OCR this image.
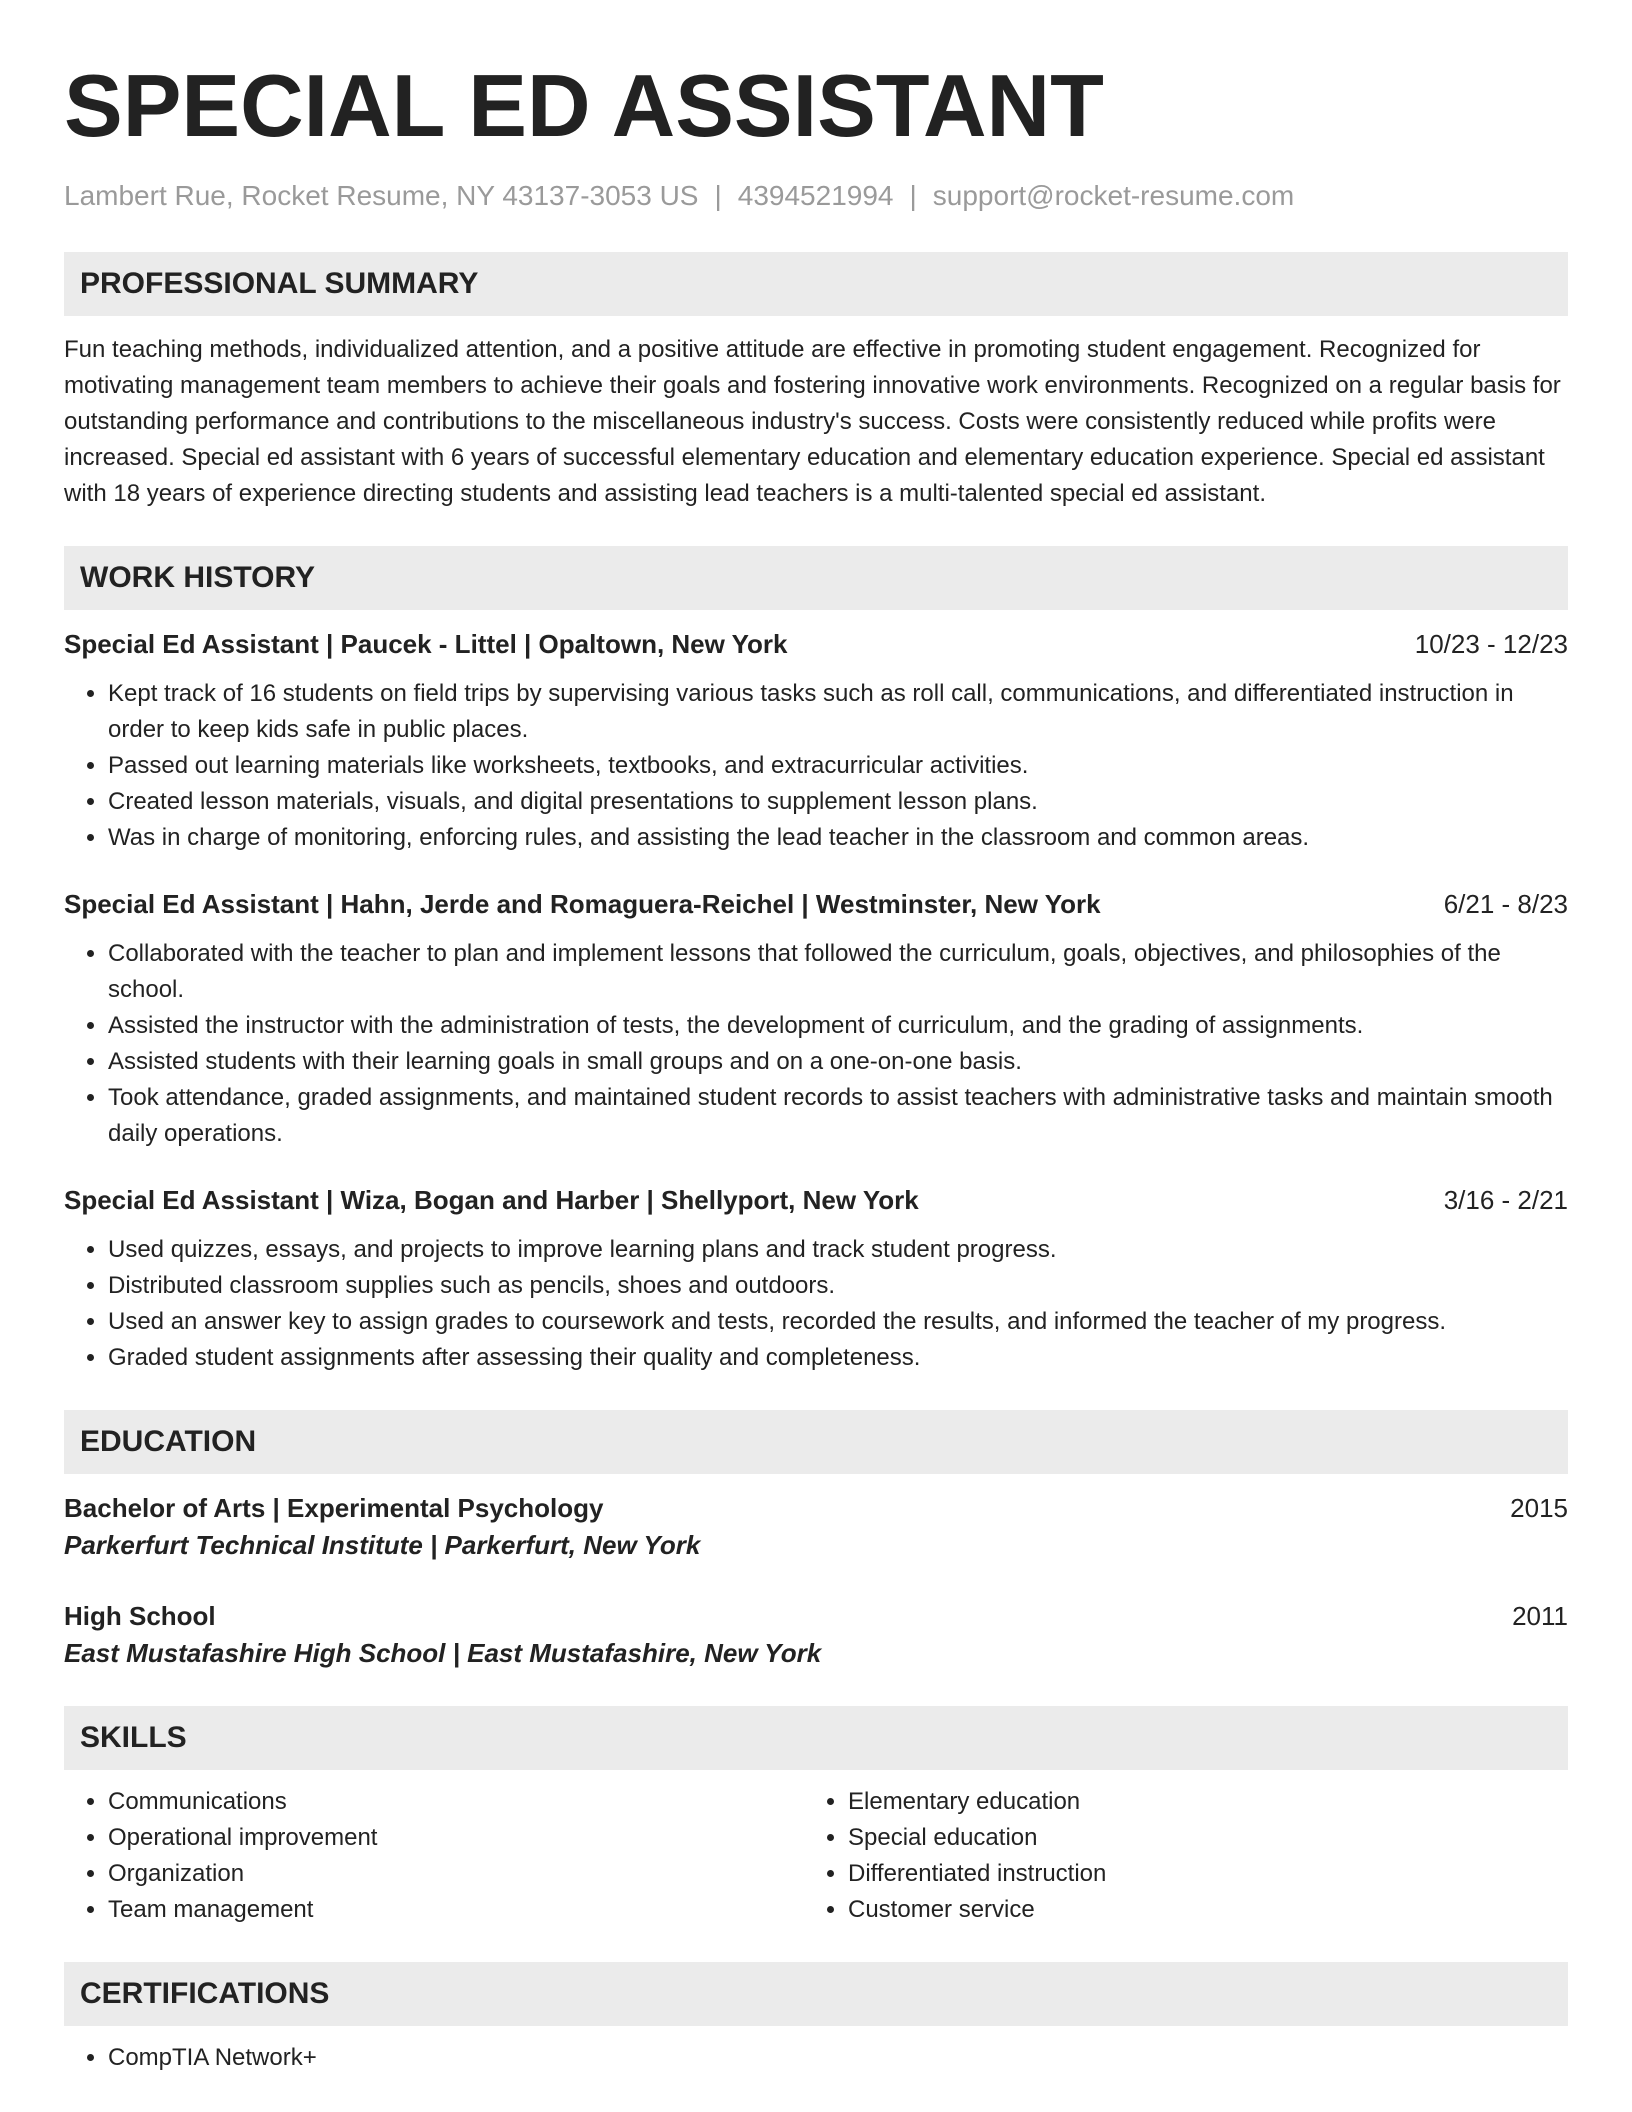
SPECIAL ED ASSISTANT
Lambert Rue, Rocket Resume, NY 43137-3053 US | 4394521994 | support@rocket-resume.com
PROFESSIONAL SUMMARY

Fun teaching methods, individualized attention, and a positive attitude are effective in promoting student engagement. Recognized for motivating management team members to achieve their goals and fostering innovative work environments. Recognized on a regular basis for outstanding performance and contributions to the miscellaneous industry's success. Costs were consistently reduced while profits were increased. Special ed assistant with 6 years of successful elementary education and elementary education experience. Special ed assistant with 18 years of experience directing students and assisting lead teachers is a multi-talented special ed assistant.

WORK HISTORY
Special Ed Assistant | Paucek - Littel | Opaltown, New York	10/23 - 12/23
• Kept track of 16 students on field trips by supervising various tasks such as roll call, communications, and differentiated instruction in order to keep kids safe in public places.
• Passed out learning materials like worksheets, textbooks, and extracurricular activities.
• Created lesson materials, visuals, and digital presentations to supplement lesson plans.
• Was in charge of monitoring, enforcing rules, and assisting the lead teacher in the classroom and common areas.
Special Ed Assistant | Hahn, Jerde and Romaguera-Reichel | Westminster, New York	6/21 - 8/23
• Collaborated with the teacher to plan and implement lessons that followed the curriculum, goals, objectives, and philosophies of the school.
• Assisted the instructor with the administration of tests, the development of curriculum, and the grading of assignments.
• Assisted students with their learning goals in small groups and on a one-on-one basis.
• Took attendance, graded assignments, and maintained student records to assist teachers with administrative tasks and maintain smooth daily operations.
Special Ed Assistant | Wiza, Bogan and Harber | Shellyport, New York	3/16 - 2/21
• Used quizzes, essays, and projects to improve learning plans and track student progress.
• Distributed classroom supplies such as pencils, shoes and outdoors.
• Used an answer key to assign grades to coursework and tests, recorded the results, and informed the teacher of my progress.
• Graded student assignments after assessing their quality and completeness.
EDUCATION
Bachelor of Arts | Experimental Psychology	2015
Parkerfurt Technical Institute | Parkerfurt, New York
High School	2011
East Mustafashire High School | East Mustafashire, New York
SKILLS
• Communications
• Operational improvement
• Organization
• Team management
• Elementary education
• Special education
• Differentiated instruction
• Customer service
CERTIFICATIONS
• CompTIA Network+
